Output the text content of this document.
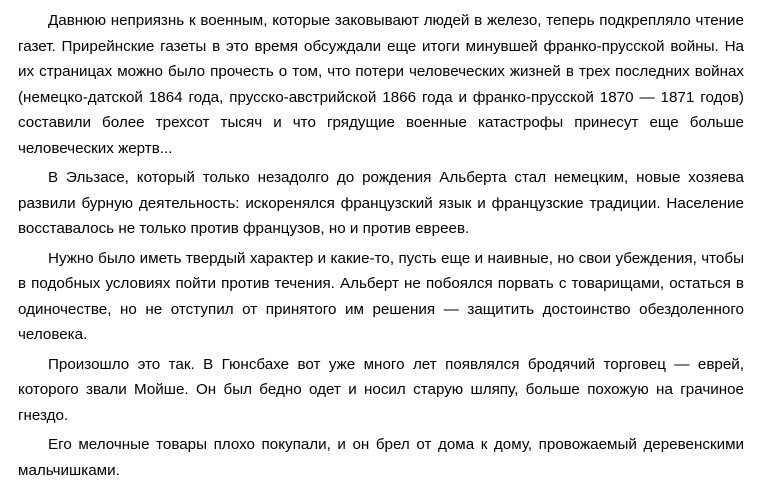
Давнюю неприязнь к военным, которые заковывают людей в железо, теперь подкрепляло чтение газет. Прирейнские газеты в это время обсуждали еще итоги минувшей франко-прусской войны. На их страницах можно было прочесть о том, что потери человеческих жизней в трех последних войнах (немецко-датской 1864 года, прусско-австрийской 1866 года и франко-прусской 1870 — 1871 годов) составили более трехсот тысяч и что грядущие военные катастрофы принесут еще больше человеческих жертв...

В Эльзасе, который только незадолго до рождения Альберта стал немецким, новые хозяева развили бурную деятельность: искоренялся французский язык и французские традиции. Население восставалось не только против французов, но и против евреев.

Нужно было иметь твердый характер и какие-то, пусть еще и наивные, но свои убеждения, чтобы в подобных условиях пойти против течения. Альберт не побоялся порвать с товарищами, остаться в одиночестве, но не отступил от принятого им решения — защитить достоинство обездоленного человека.

Произошло это так. В Гюнсбахе вот уже много лет появлялся бродячий торговец — еврей, которого звали Мойше. Он был бедно одет и носил старую шляпу, больше похожую на грачиное гнездо.

Его мелочные товары плохо покупали, и он брел от дома к дому, провожаемый деревенскими мальчишками.
